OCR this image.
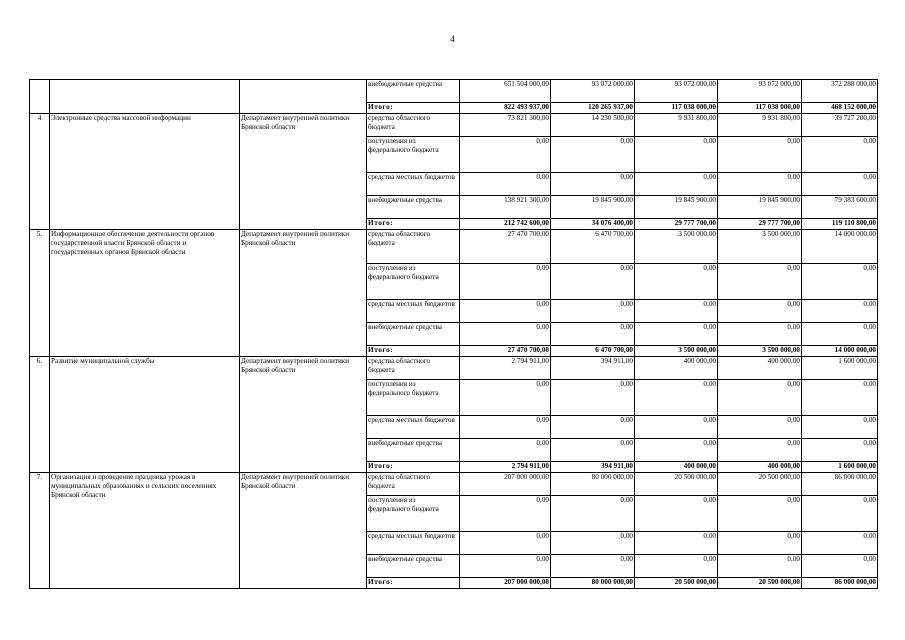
4
			внебюджетные средства	651 504 000,00	93 072 000,00	93 072 000,00	93 072 000,00	372 288 000,00
			Итого:	822 493 937,00	120 265 937,00	117 038 000,00	117 038 000,00	468 152 000,00
4	Электронные средства массовой информации	Департамент внутренней политики Брянской области	средства областного бюджета	73 821 300,00	14 230 500,00	9 931 800,00	9 931 800,00	39 727 200,00
			поступления из федерального бюджета	0,00	0,00	0,00	0,00	0,00
			средства местных бюджетов	0,00	0,00	0,00	0,00	0,00
			внебюджетные средства	138 921 300,00	19 845 900,00	19 845 900,00	19 845 900,00	79 383 600,00
			Итого:	212 742 600,00	34 076 400,00	29 777 700,00	29 777 700,00	119 110 800,00
5.	Информационное обеспечение деятельности органов государственной власти Брянской области и государственных органов Брянской области	Департамент внутренней политики Брянской области	средства областного бюджета	27 470 700,00	6 470 700,00	3 500 000,00	3 500 000,00	14 000 000,00
			поступления из федерального бюджета	0,00	0,00	0,00	0,00	0,00
			средства местных бюджетов	0,00	0,00	0,00	0,00	0,00
			внебюджетные средства	0,00	0,00	0,00	0,00	0,00
			Итого:	27 470 700,00	6 470 700,00	3 500 000,00	3 500 000,00	14 000 000,00
6.	Развитие муниципальной службы	Департамент внутренней политики Брянской области	средства областного бюджета	2 794 911,00	394 911,00	400 000,00	400 000,00	1 600 000,00
			поступления из федерального бюджета	0,00	0,00	0,00	0,00	0,00
			средства местных бюджетов	0,00	0,00	0,00	0,00	0,00
			внебюджетные средства	0,00	0,00	0,00	0,00	0,00
			Итого:	2 794 911,00	394 911,00	400 000,00	400 000,00	1 600 000,00
7.	Организация и проведение праздника урожая в муниципальных образованиях и сельских поселениях Брянской области	Департамент внутренней политики Брянской области	средства областного бюджета	207 000 000,00	80 000 000,00	20 500 000,00	20 500 000,00	86 000 000,00
			поступления из федерального бюджета	0,00	0,00	0,00	0,00	0,00
			средства местных бюджетов	0,00	0,00	0,00	0,00	0,00
			внебюджетные средства	0,00	0,00	0,00	0,00	0,00
			Итого:	207 000 000,00	80 000 000,00	20 500 000,00	20 500 000,00	86 000 000,00
